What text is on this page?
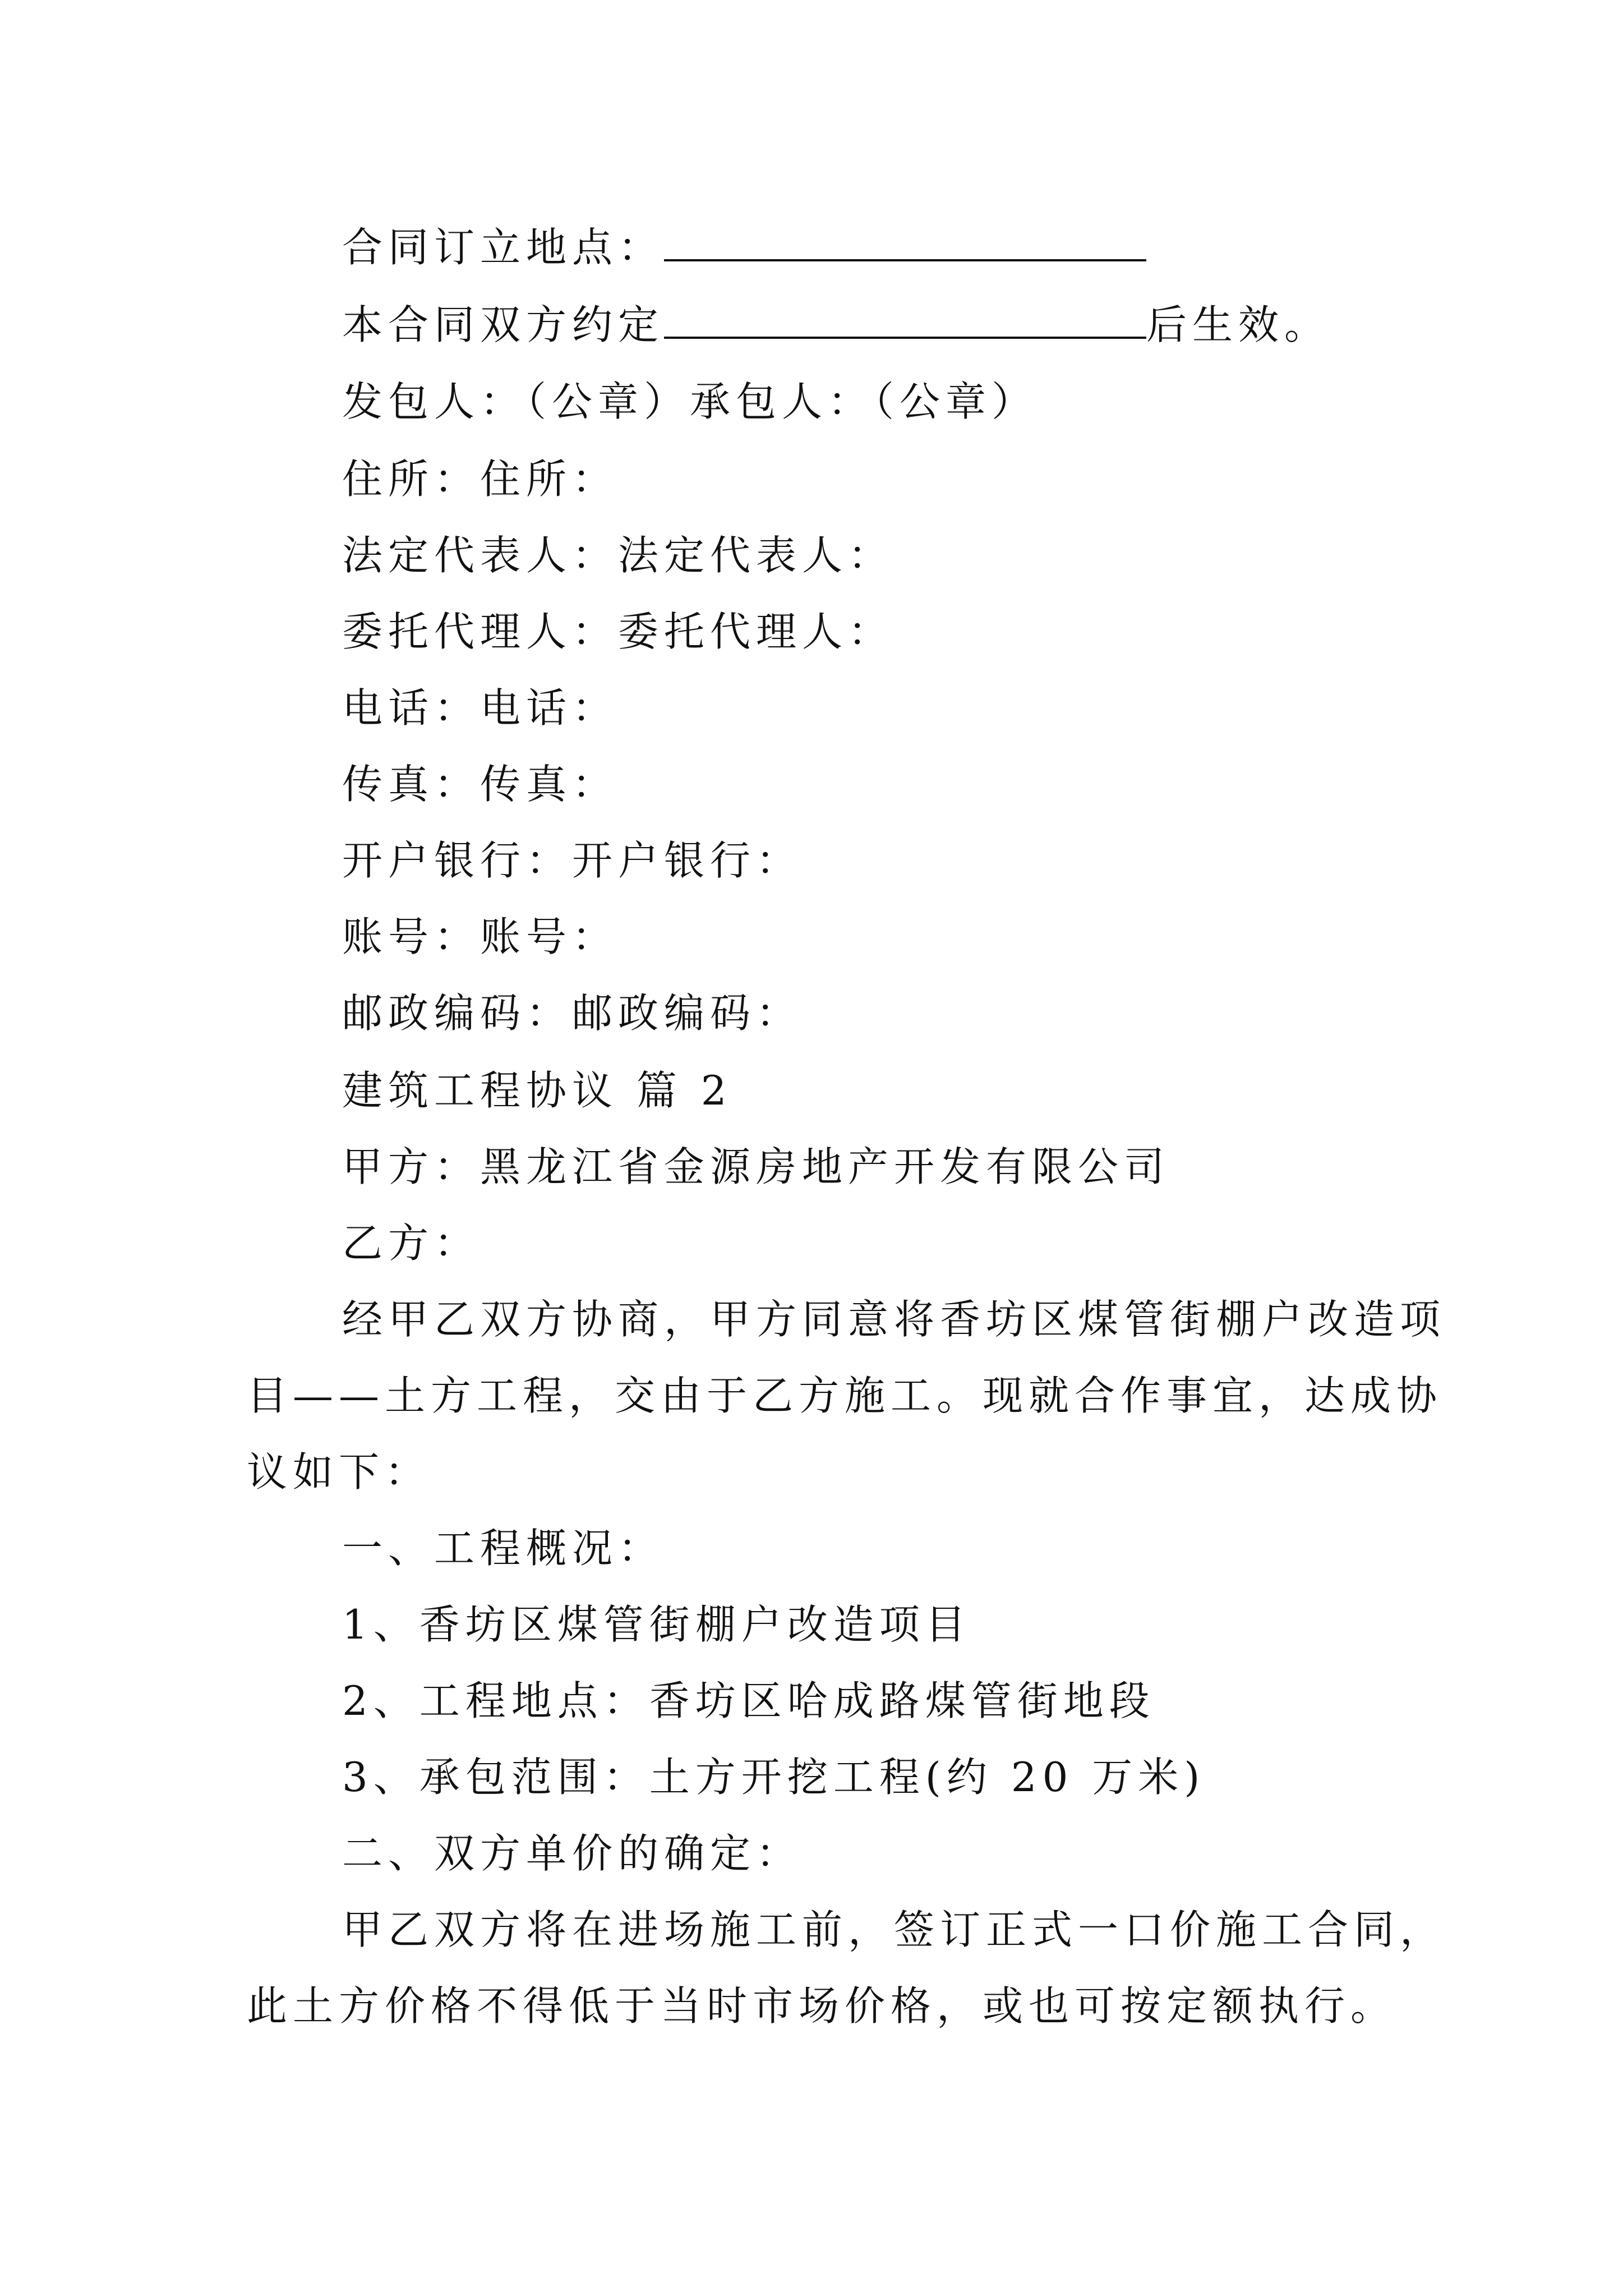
合同订立地点：
本合同双方约定	后生效。
发包人：（公章）承包人：（公章）
住所：住所：
法定代表人：法定代表人：
委托代理人：委托代理人：
电话：电话：
传真：传真：
开户银行：开户银行：
账号：账号：
邮政编码：邮政编码：
建筑工程协议 篇 2
甲方：黑龙江省金源房地产开发有限公司
乙方：
经甲乙双方协商，甲方同意将香坊区煤管街棚户改造项
目——土方工程，交由于乙方施工。现就合作事宜，达成协
议如下：
一、工程概况：
1、香坊区煤管街棚户改造项目
2、工程地点：香坊区哈成路煤管街地段
3、承包范围：土方开挖工程(约 20 万米)
二、双方单价的确定：
甲乙双方将在进场施工前，签订正式一口价施工合同，
此土方价格不得低于当时市场价格，或也可按定额执行。
